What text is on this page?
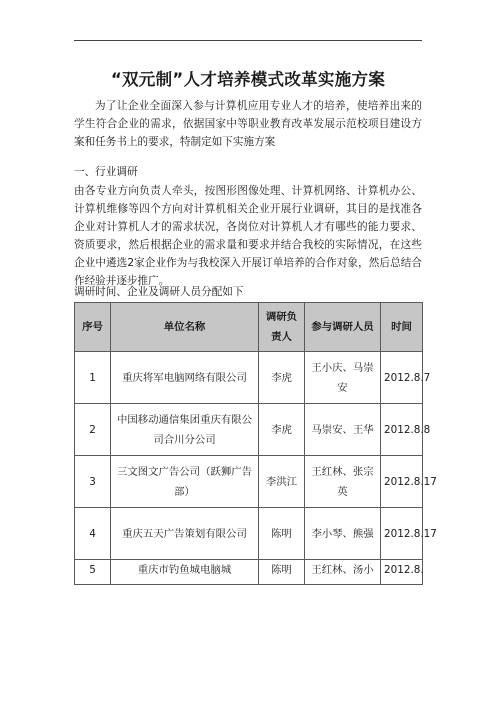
“双元制”人才培养模式改革实施方案
为了让企业全面深入参与计算机应用专业人才的培养，使培养出来的学生符合企业的需求，依据国家中等职业教育改革发展示范校项目建设方案和任务书上的要求，特制定如下实施方案
一、行业调研
由各专业方向负责人牵头，按图形图像处理、计算机网络、计算机办公、计算机维修等四个方向对计算机相关企业开展行业调研，其目的是找准各企业对计算机人才的需求状况，各岗位对计算机人才有哪些的能力要求、资质要求，然后根据企业的需求量和要求并结合我校的实际情况，在这些企业中遴选2家企业作为与我校深入开展订单培养的合作对象，然后总结合作经验并逐步推广。
调研时间、企业及调研人员分配如下
序号	单位名称	调研负责人	参与调研人员	时间
1	重庆将军电脑网络有限公司	李虎	王小庆、马崇安	2012.8.7
2	中国移动通信集团重庆有限公司合川分公司	李虎	马崇安、王华	2012.8.8
3	三文图文广告公司（跃狮广告部）	李洪江	王红林、张宗英	2012.8.17
4	重庆五天广告策划有限公司	陈明	李小琴、熊强	2012.8.17
5	重庆市钓鱼城电脑城	陈明	王红林、汤小	2012.8.
